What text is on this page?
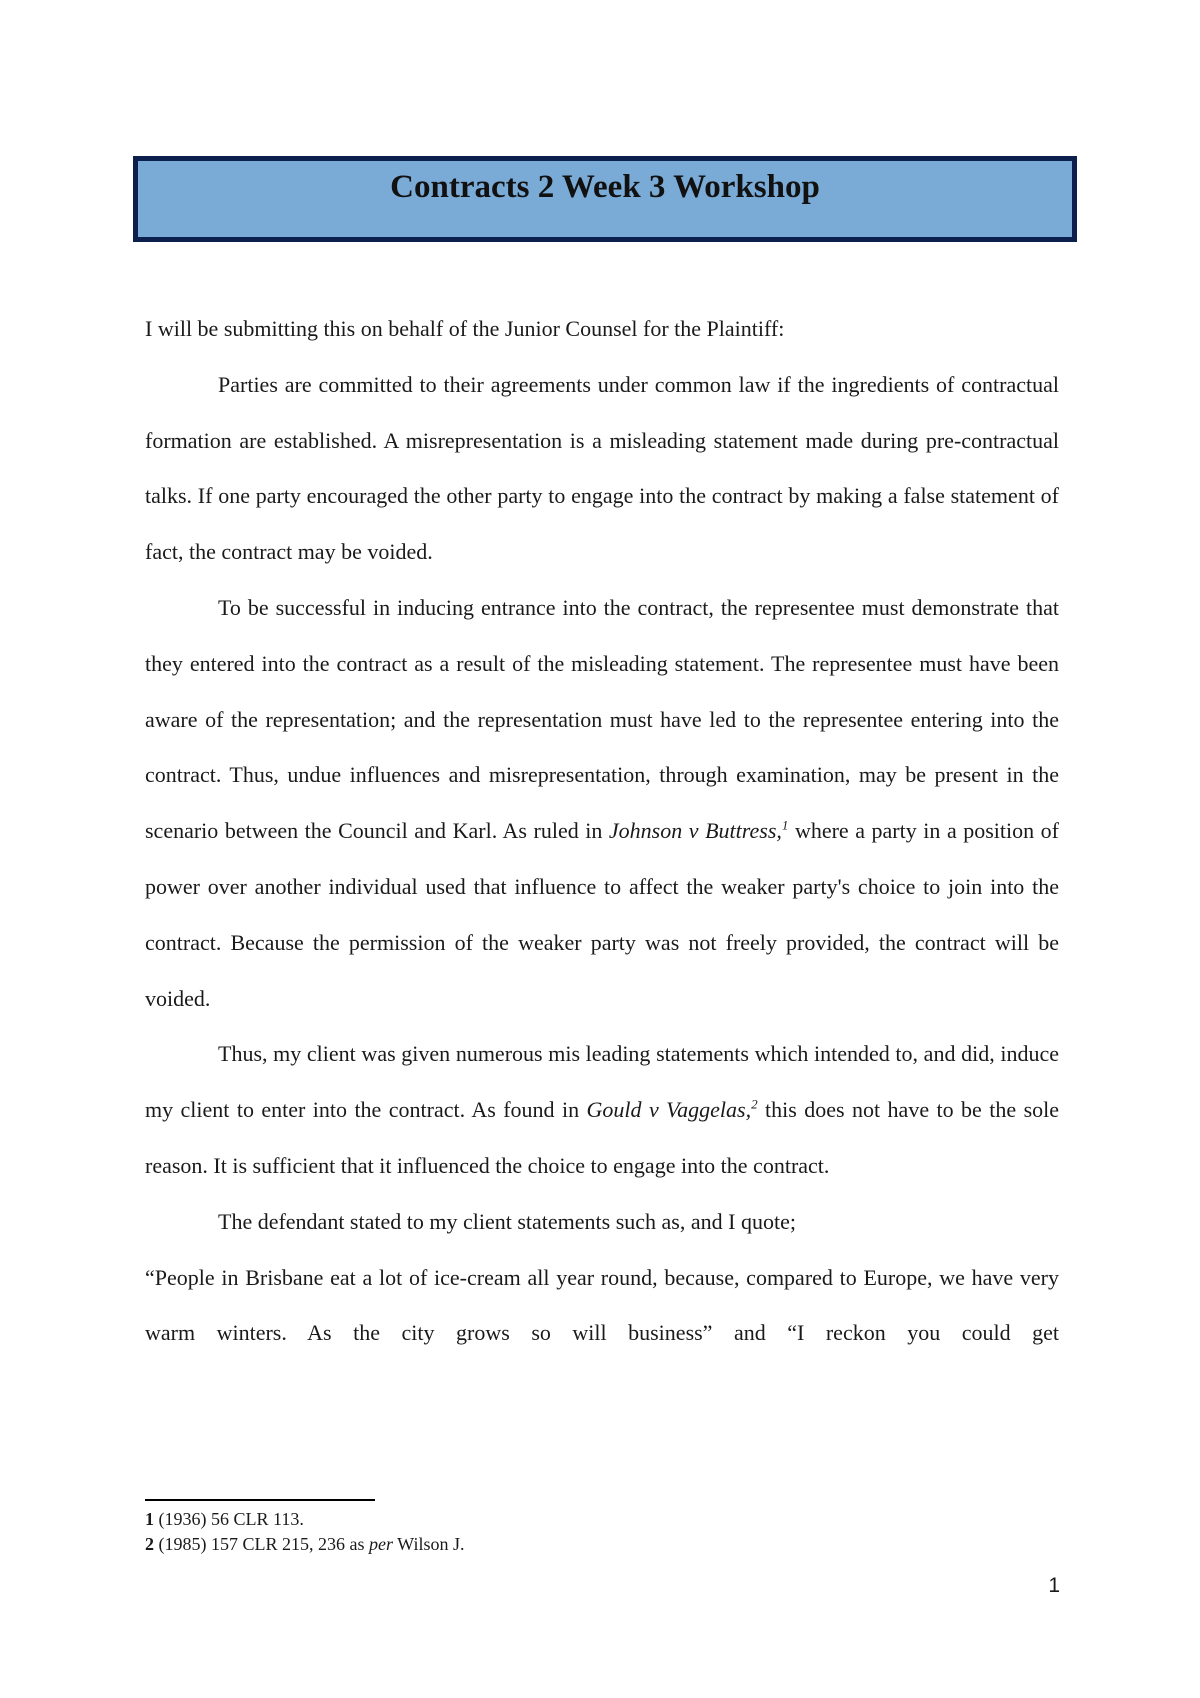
Contracts 2 Week 3 Workshop

I will be submitting this on behalf of the Junior Counsel for the Plaintiff:

Parties are committed to their agreements under common law if the ingredients of contractual formation are established. A misrepresentation is a misleading statement made during pre-contractual talks. If one party encouraged the other party to engage into the contract by making a false statement of fact, the contract may be voided.

To be successful in inducing entrance into the contract, the representee must demonstrate that they entered into the contract as a result of the misleading statement. The representee must have been aware of the representation; and the representation must have led to the representee entering into the contract. Thus, undue influences and misrepresentation, through examination, may be present in the scenario between the Council and Karl. As ruled in Johnson v Buttress,$^1$ where a party in a position of power over another individual used that influence to affect the weaker party's choice to join into the contract. Because the permission of the weaker party was not freely provided, the contract will be voided.

Thus, my client was given numerous mis leading statements which intended to, and did, induce my client to enter into the contract. As found in Gould v Vaggelas,$^2$ this does not have to be the sole reason. It is sufficient that it influenced the choice to engage into the contract.

The defendant stated to my client statements such as, and I quote;

“People in Brisbane eat a lot of ice-cream all year round, because, compared to Europe, we have very warm winters. As the city grows so will business” and “I reckon you could get

1 (1936) 56 CLR 113.
2 (1985) 157 CLR 215, 236 as per Wilson J.
1
